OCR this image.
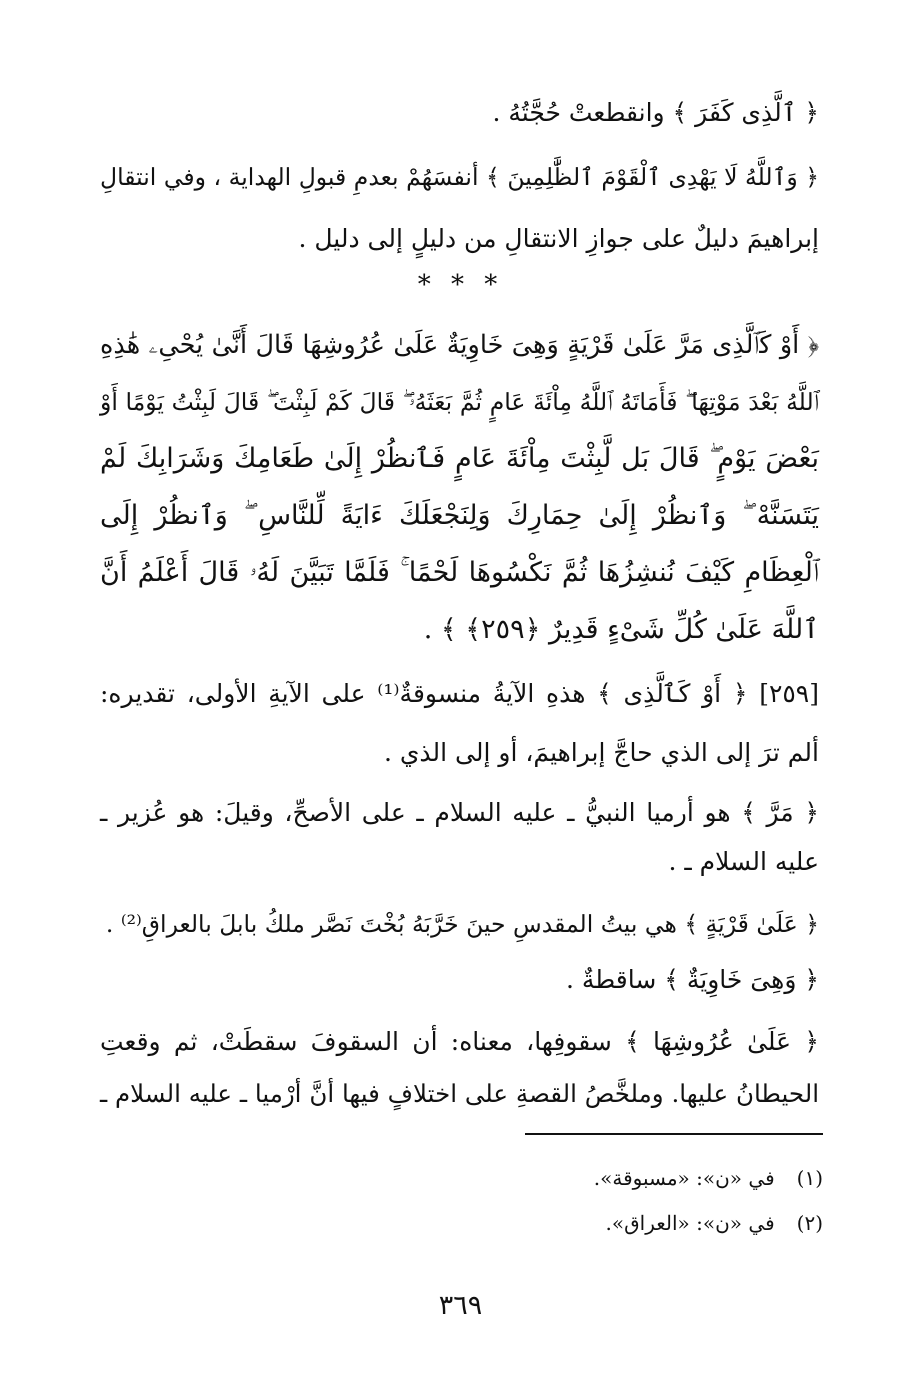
﴿ ٱلَّذِى كَفَرَ ﴾ وانقطعتْ حُجَّتُهُ .
﴿ وَٱللَّهُ لَا يَهْدِى ٱلْقَوْمَ ٱلظَّٰلِمِينَ ﴾ أنفسَهُمْ بعدمِ قبولِ الهداية ، وفي انتقالِ
إبراهيمَ دليلٌ على جوازِ الانتقالِ من دليلٍ إلى دليل .
* * *
﴿ أَوْ كَٱلَّذِى مَرَّ عَلَىٰ قَرْيَةٍ وَهِىَ خَاوِيَةٌ عَلَىٰ عُرُوشِهَا قَالَ أَنَّىٰ يُحْىِۦ هَٰذِهِ
ٱللَّهُ بَعْدَ مَوْتِهَا ۖ فَأَمَاتَهُ ٱللَّهُ مِاْئَةَ عَامٍ ثُمَّ بَعَثَهُۥ ۖ قَالَ كَمْ لَبِثْتَ ۖ قَالَ لَبِثْتُ يَوْمًا أَوْ
بَعْضَ يَوْمٍ ۖ قَالَ بَل لَّبِثْتَ مِاْئَةَ عَامٍ فَٱنظُرْ إِلَىٰ طَعَامِكَ وَشَرَابِكَ لَمْ
يَتَسَنَّهْ ۖ وَٱنظُرْ إِلَىٰ حِمَارِكَ وَلِنَجْعَلَكَ ءَايَةً لِّلنَّاسِ ۖ وَٱنظُرْ إِلَى
ٱلْعِظَامِ كَيْفَ نُنشِزُهَا ثُمَّ نَكْسُوهَا لَحْمًا ۚ فَلَمَّا تَبَيَّنَ لَهُۥ قَالَ أَعْلَمُ أَنَّ
ٱللَّهَ عَلَىٰ كُلِّ شَىْءٍ قَدِيرٌ ﴿٢٥٩﴾ ﴾ .
[٢٥٩] ﴿ أَوْ كَٱلَّذِى ﴾ هذهِ الآيةُ منسوقةٌ⁽¹⁾ على الآيةِ الأولى، تقديره:
ألم ترَ إلى الذي حاجَّ إبراهيمَ، أو إلى الذي .
﴿ مَرَّ ﴾ هو أرميا النبيُّ ـ عليه السلام ـ على الأصحِّ، وقيلَ: هو عُزير ـ
عليه السلام ـ .
﴿ عَلَىٰ قَرْيَةٍ ﴾ هي بيتُ المقدسِ حينَ خَرَّبَهُ بُخْتَ نَصَّر ملكُ بابلَ بالعراقِ⁽²⁾ .
﴿ وَهِىَ خَاوِيَةٌ ﴾ ساقطةٌ .
﴿ عَلَىٰ عُرُوشِهَا ﴾ سقوفِها، معناه: أن السقوفَ سقطَتْ، ثم وقعتِ
الحيطانُ عليها. وملخَّصُ القصةِ على اختلافٍ فيها أنَّ أرْميا ـ عليه السلام ـ
(١) في «ن»: «مسبوقة».
(٢) في «ن»: «العراق».
٣٦٩
